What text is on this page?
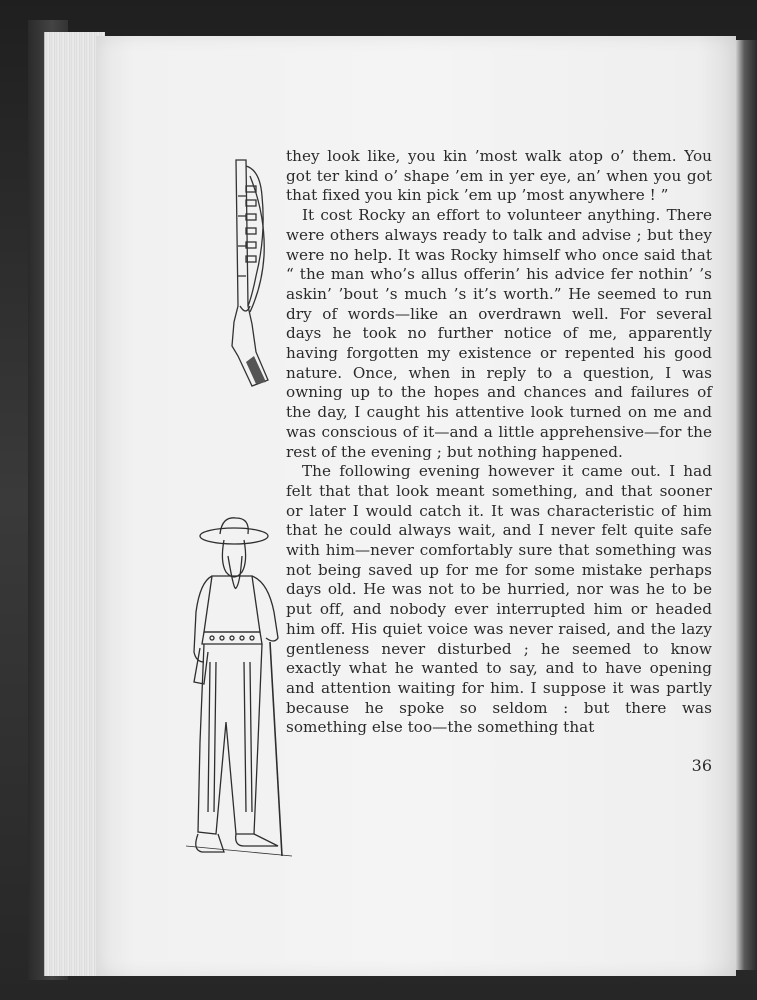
they look like, you kin ’most walk atop o’ them. You got ter kind o’ shape ’em in yer eye, an’ when you got that fixed you kin pick ’em up ’most anywhere ! ”

It cost Rocky an effort to volunteer anything. There were others always ready to talk and advise ; but they were no help. It was Rocky himself who once said that “ the man who’s allus offerin’ his advice fer nothin’ ’s askin’ ’bout ’s much ’s it’s worth.” He seemed to run dry of words—like an overdrawn well. For several days he took no further notice of me, apparently having forgotten my existence or repented his good nature. Once, when in reply to a question, I was owning up to the hopes and chances and failures of the day, I caught his attentive look turned on me and was conscious of it—and a little apprehensive—for the rest of the evening ; but nothing happened.

The following evening however it came out. I had felt that that look meant something, and that sooner or later I would catch it. It was characteristic of him that he could always wait, and I never felt quite safe with him—never comfortably sure that something was not being saved up for me for some mistake perhaps days old. He was not to be hurried, nor was he to be put off, and nobody ever interrupted him or headed him off. His quiet voice was never raised, and the lazy gentleness never disturbed ; he seemed to know exactly what he wanted to say, and to have opening and attention waiting for him. I suppose it was partly because he spoke so seldom : but there was something else too—the something that

36
